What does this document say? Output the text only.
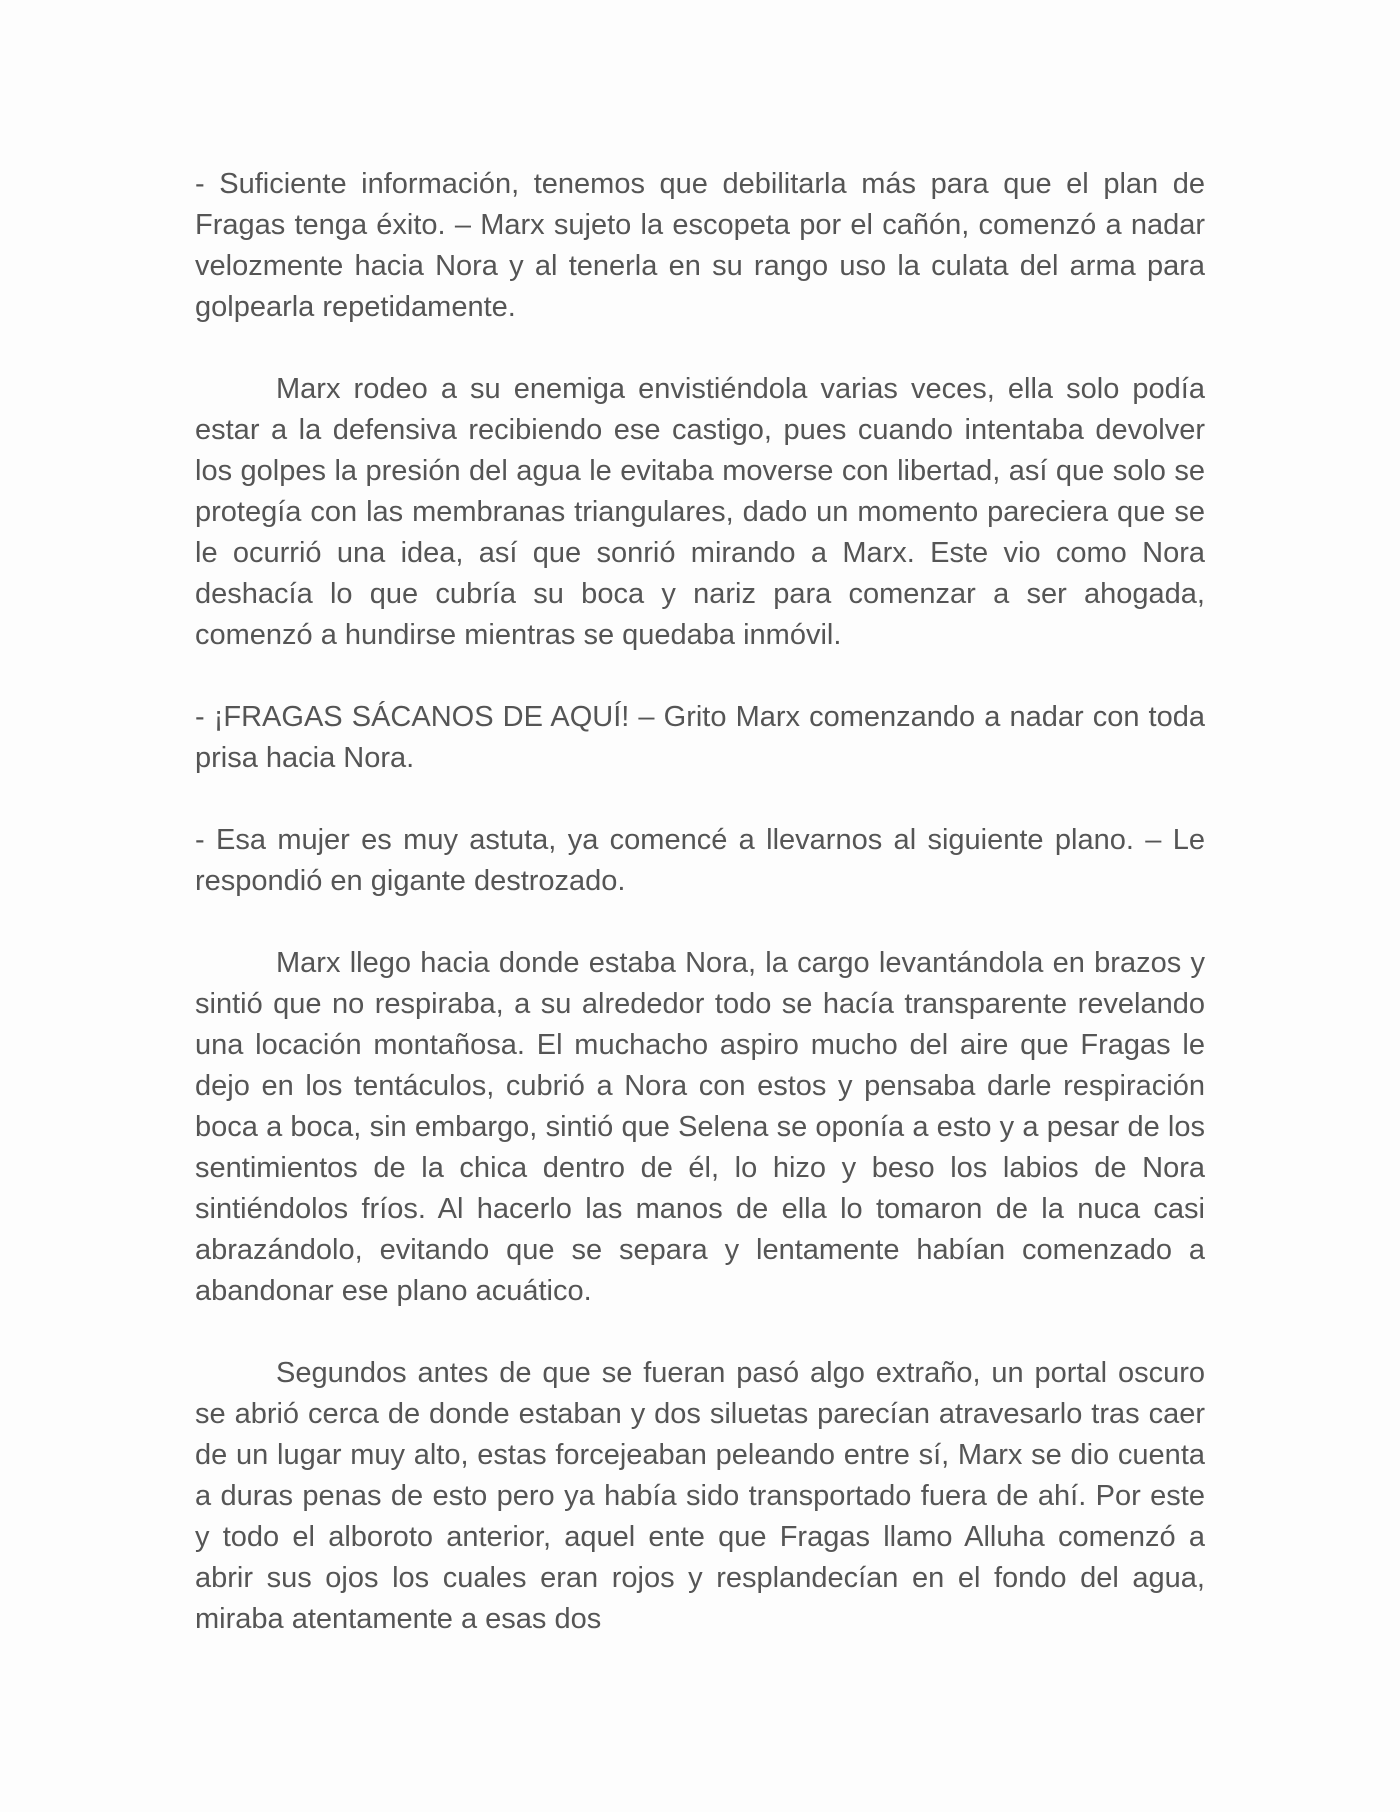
- Suficiente información, tenemos que debilitarla más para que el plan de Fragas tenga éxito. – Marx sujeto la escopeta por el cañón, comenzó a nadar velozmente hacia Nora y al tenerla en su rango uso la culata del arma para golpearla repetidamente.

Marx rodeo a su enemiga envistiéndola varias veces, ella solo podía estar a la defensiva recibiendo ese castigo, pues cuando intentaba devolver los golpes la presión del agua le evitaba moverse con libertad, así que solo se protegía con las membranas triangulares, dado un momento pareciera que se le ocurrió una idea, así que sonrió mirando a Marx. Este vio como Nora deshacía lo que cubría su boca y nariz para comenzar a ser ahogada, comenzó a hundirse mientras se quedaba inmóvil.

- ¡FRAGAS SÁCANOS DE AQUÍ! – Grito Marx comenzando a nadar con toda prisa hacia Nora.

- Esa mujer es muy astuta, ya comencé a llevarnos al siguiente plano. – Le respondió en gigante destrozado.

Marx llego hacia donde estaba Nora, la cargo levantándola en brazos y sintió que no respiraba, a su alrededor todo se hacía transparente revelando una locación montañosa. El muchacho aspiro mucho del aire que Fragas le dejo en los tentáculos, cubrió a Nora con estos y pensaba darle respiración boca a boca, sin embargo, sintió que Selena se oponía a esto y a pesar de los sentimientos de la chica dentro de él, lo hizo y beso los labios de Nora sintiéndolos fríos. Al hacerlo las manos de ella lo tomaron de la nuca casi abrazándolo, evitando que se separa y lentamente habían comenzado a abandonar ese plano acuático.

Segundos antes de que se fueran pasó algo extraño, un portal oscuro se abrió cerca de donde estaban y dos siluetas parecían atravesarlo tras caer de un lugar muy alto, estas forcejeaban peleando entre sí, Marx se dio cuenta a duras penas de esto pero ya había sido transportado fuera de ahí. Por este y todo el alboroto anterior, aquel ente que Fragas llamo Alluha comenzó a abrir sus ojos los cuales eran rojos y resplandecían en el fondo del agua, miraba atentamente a esas dos
